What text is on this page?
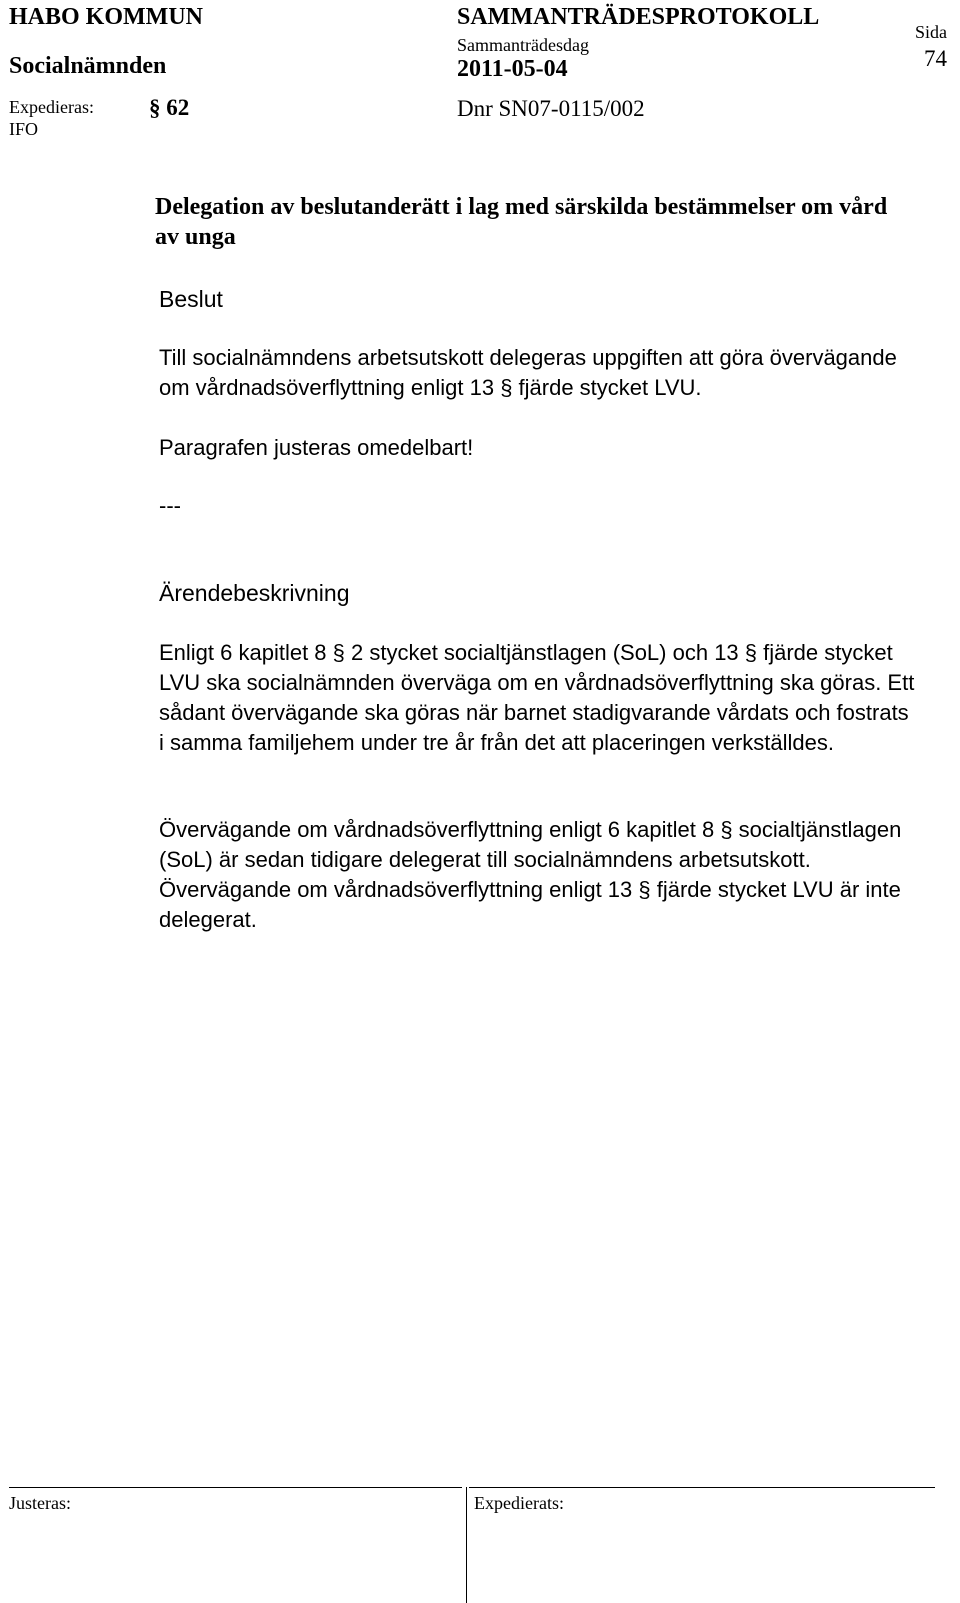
HABO KOMMUN
Socialnämnden
Expedieras:
IFO
§ 62
SAMMANTRÄDESPROTOKOLL
Sammanträdesdag
2011-05-04
Dnr SN07-0115/002
Sida
74
Delegation av beslutanderätt i lag med särskilda bestämmelser om vård av unga
Beslut
Till socialnämndens arbetsutskott delegeras uppgiften att göra övervägande om vårdnadsöverflyttning enligt 13 § fjärde stycket LVU.
Paragrafen justeras omedelbart!
---
Ärendebeskrivning
Enligt 6 kapitlet 8 § 2 stycket socialtjänstlagen (SoL) och 13 § fjärde stycket LVU ska socialnämnden överväga om en vårdnadsöverflyttning ska göras. Ett sådant övervägande ska göras när barnet stadigvarande vårdats och fostrats i samma familjehem under tre år från det att placeringen verkställdes.
Övervägande om vårdnadsöverflyttning enligt 6 kapitlet 8 § socialtjänstlagen (SoL) är sedan tidigare delegerat till socialnämndens arbetsutskott. Övervägande om vårdnadsöverflyttning enligt 13 § fjärde stycket LVU är inte delegerat.
Justeras:	Expedierats:
